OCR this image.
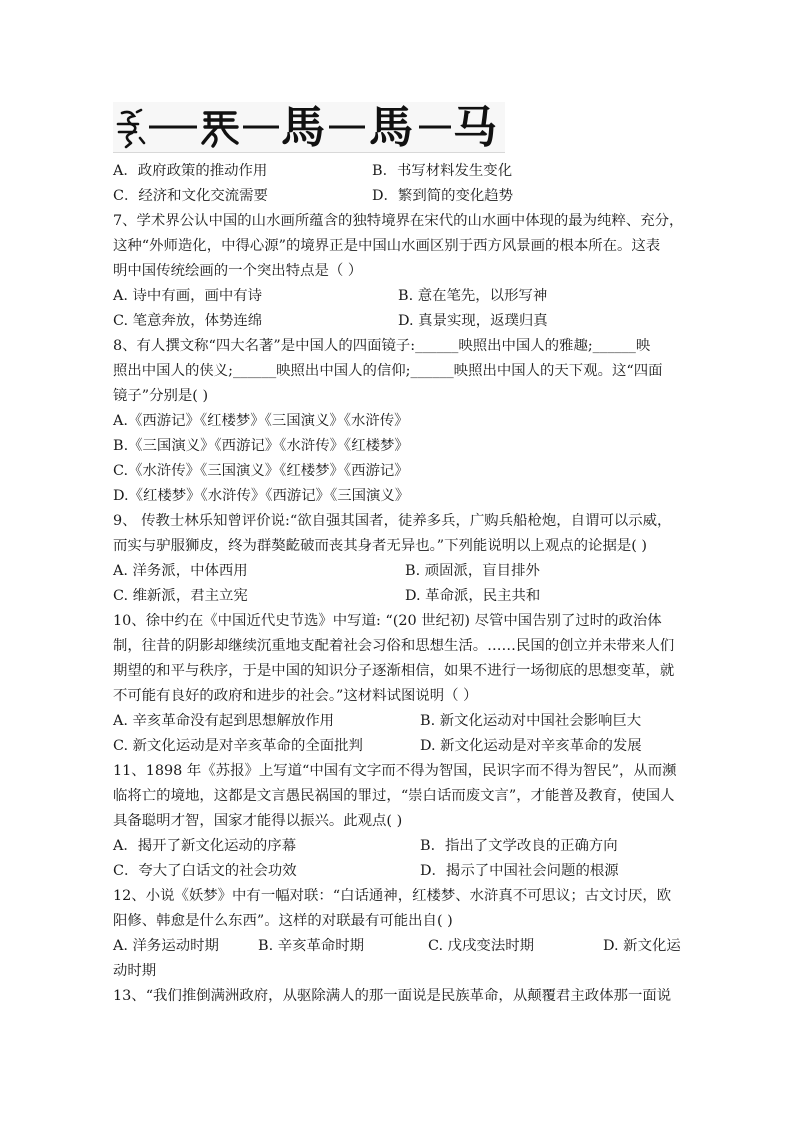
馬 馬 马
A．政府政策的推动作用	B．书写材料发生变化
C．经济和文化交流需要	D．繁到简的变化趋势
7、学术界公认中国的山水画所蕴含的独特境界在宋代的山水画中体现的最为纯粹、充分，
这种“外师造化，中得心源”的境界正是中国山水画区别于西方风景画的根本所在。这表
明中国传统绘画的一个突出特点是（ ）
A. 诗中有画，画中有诗	B. 意在笔先，以形写神
C. 笔意奔放，体势连绵	D. 真景实现，返璞归真
8、有人撰文称“四大名著”是中国人的四面镜子:______映照出中国人的雅趣;______映
照出中国人的侠义;______映照出中国人的信仰;______映照出中国人的天下观。这“四面
镜子”分别是( )
A.《西游记》《红楼梦》《三国演义》《水浒传》
B.《三国演义》《西游记》《水浒传》《红楼梦》
C.《水浒传》《三国演义》《红楼梦》《西游记》
D.《红楼梦》《水浒传》《西游记》《三国演义》
9、 传教士林乐知曾评价说:“欲自强其国者，徒养多兵，广购兵船枪炮，自谓可以示威，
而实与驴服狮皮，终为群獒齕破而丧其身者无异也。”下列能说明以上观点的论据是( )
A. 洋务派，中体西用	B. 顽固派，盲目排外
C. 维新派，君主立宪	D. 革命派，民主共和
10、徐中约在《中国近代史节选》中写道: “(20 世纪初) 尽管中国告别了过时的政治体
制，往昔的阴影却继续沉重地支配着社会习俗和思想生活。……民国的创立并未带来人们
期望的和平与秩序，于是中国的知识分子逐渐相信，如果不进行一场彻底的思想变革，就
不可能有良好的政府和进步的社会。”这材料试图说明（ ）
A. 辛亥革命没有起到思想解放作用	B. 新文化运动对中国社会影响巨大
C. 新文化运动是对辛亥革命的全面批判	D. 新文化运动是对辛亥革命的发展
11、1898 年《苏报》上写道“中国有文字而不得为智国，民识字而不得为智民”，从而濒
临将亡的境地，这都是文言愚民祸国的罪过，“崇白话而废文言”，才能普及教育，使国人
具备聪明才智，国家才能得以振兴。此观点( )
A．揭开了新文化运动的序幕	B．指出了文学改良的正确方向
C．夸大了白话文的社会功效	D．揭示了中国社会问题的根源
12、小说《妖梦》中有一幅对联：“白话通神，红楼梦、水浒真不可思议；古文讨厌，欧
阳修、韩愈是什么东西”。这样的对联最有可能出自( )
A. 洋务运动时期	B. 辛亥革命时期	C. 戊戌变法时期	D. 新文化运
动时期
13、“我们推倒满洲政府，从驱除满人的那一面说是民族革命，从颠覆君主政体那一面说
